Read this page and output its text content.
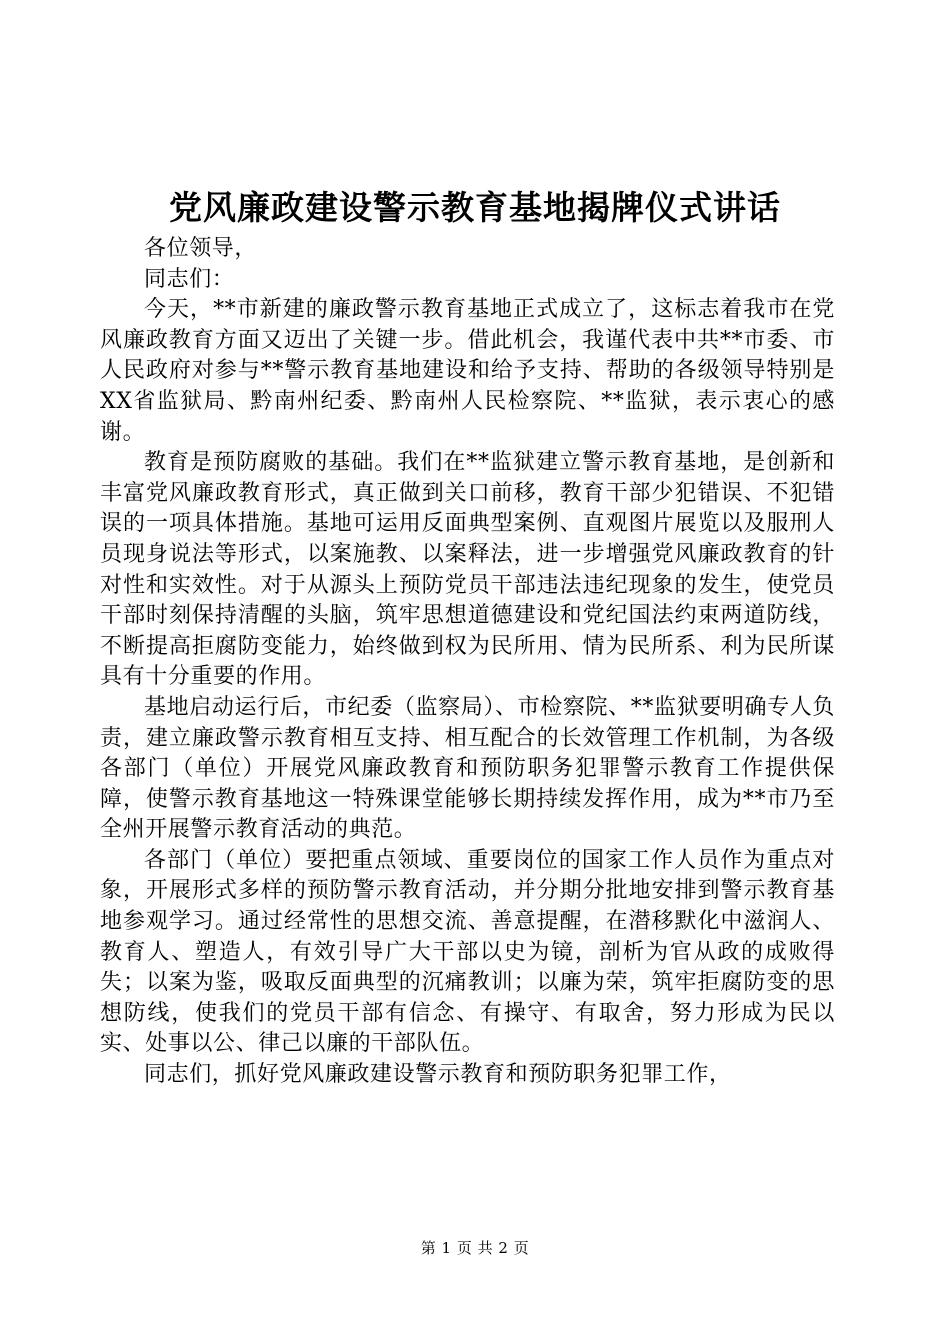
党风廉政建设警示教育基地揭牌仪式讲话

各位领导，

同志们：

今天，**市新建的廉政警示教育基地正式成立了，这标志着我市在党风廉政教育方面又迈出了关键一步。借此机会，我谨代表中共**市委、市人民政府对参与**警示教育基地建设和给予支持、帮助的各级领导特别是XX省监狱局、黔南州纪委、黔南州人民检察院、**监狱，表示衷心的感谢。

教育是预防腐败的基础。我们在**监狱建立警示教育基地，是创新和丰富党风廉政教育形式，真正做到关口前移，教育干部少犯错误、不犯错误的一项具体措施。基地可运用反面典型案例、直观图片展览以及服刑人员现身说法等形式，以案施教、以案释法，进一步增强党风廉政教育的针对性和实效性。对于从源头上预防党员干部违法违纪现象的发生，使党员干部时刻保持清醒的头脑，筑牢思想道德建设和党纪国法约束两道防线，不断提高拒腐防变能力，始终做到权为民所用、情为民所系、利为民所谋具有十分重要的作用。

基地启动运行后，市纪委（监察局）、市检察院、**监狱要明确专人负责，建立廉政警示教育相互支持、相互配合的长效管理工作机制，为各级各部门（单位）开展党风廉政教育和预防职务犯罪警示教育工作提供保障，使警示教育基地这一特殊课堂能够长期持续发挥作用，成为**市乃至全州开展警示教育活动的典范。

各部门（单位）要把重点领域、重要岗位的国家工作人员作为重点对象，开展形式多样的预防警示教育活动，并分期分批地安排到警示教育基地参观学习。通过经常性的思想交流、善意提醒，在潜移默化中滋润人、教育人、塑造人，有效引导广大干部以史为镜，剖析为官从政的成败得失；以案为鉴，吸取反面典型的沉痛教训；以廉为荣，筑牢拒腐防变的思想防线，使我们的党员干部有信念、有操守、有取舍，努力形成为民以实、处事以公、律己以廉的干部队伍。

同志们，抓好党风廉政建设警示教育和预防职务犯罪工作，

第 1 页 共 2 页
